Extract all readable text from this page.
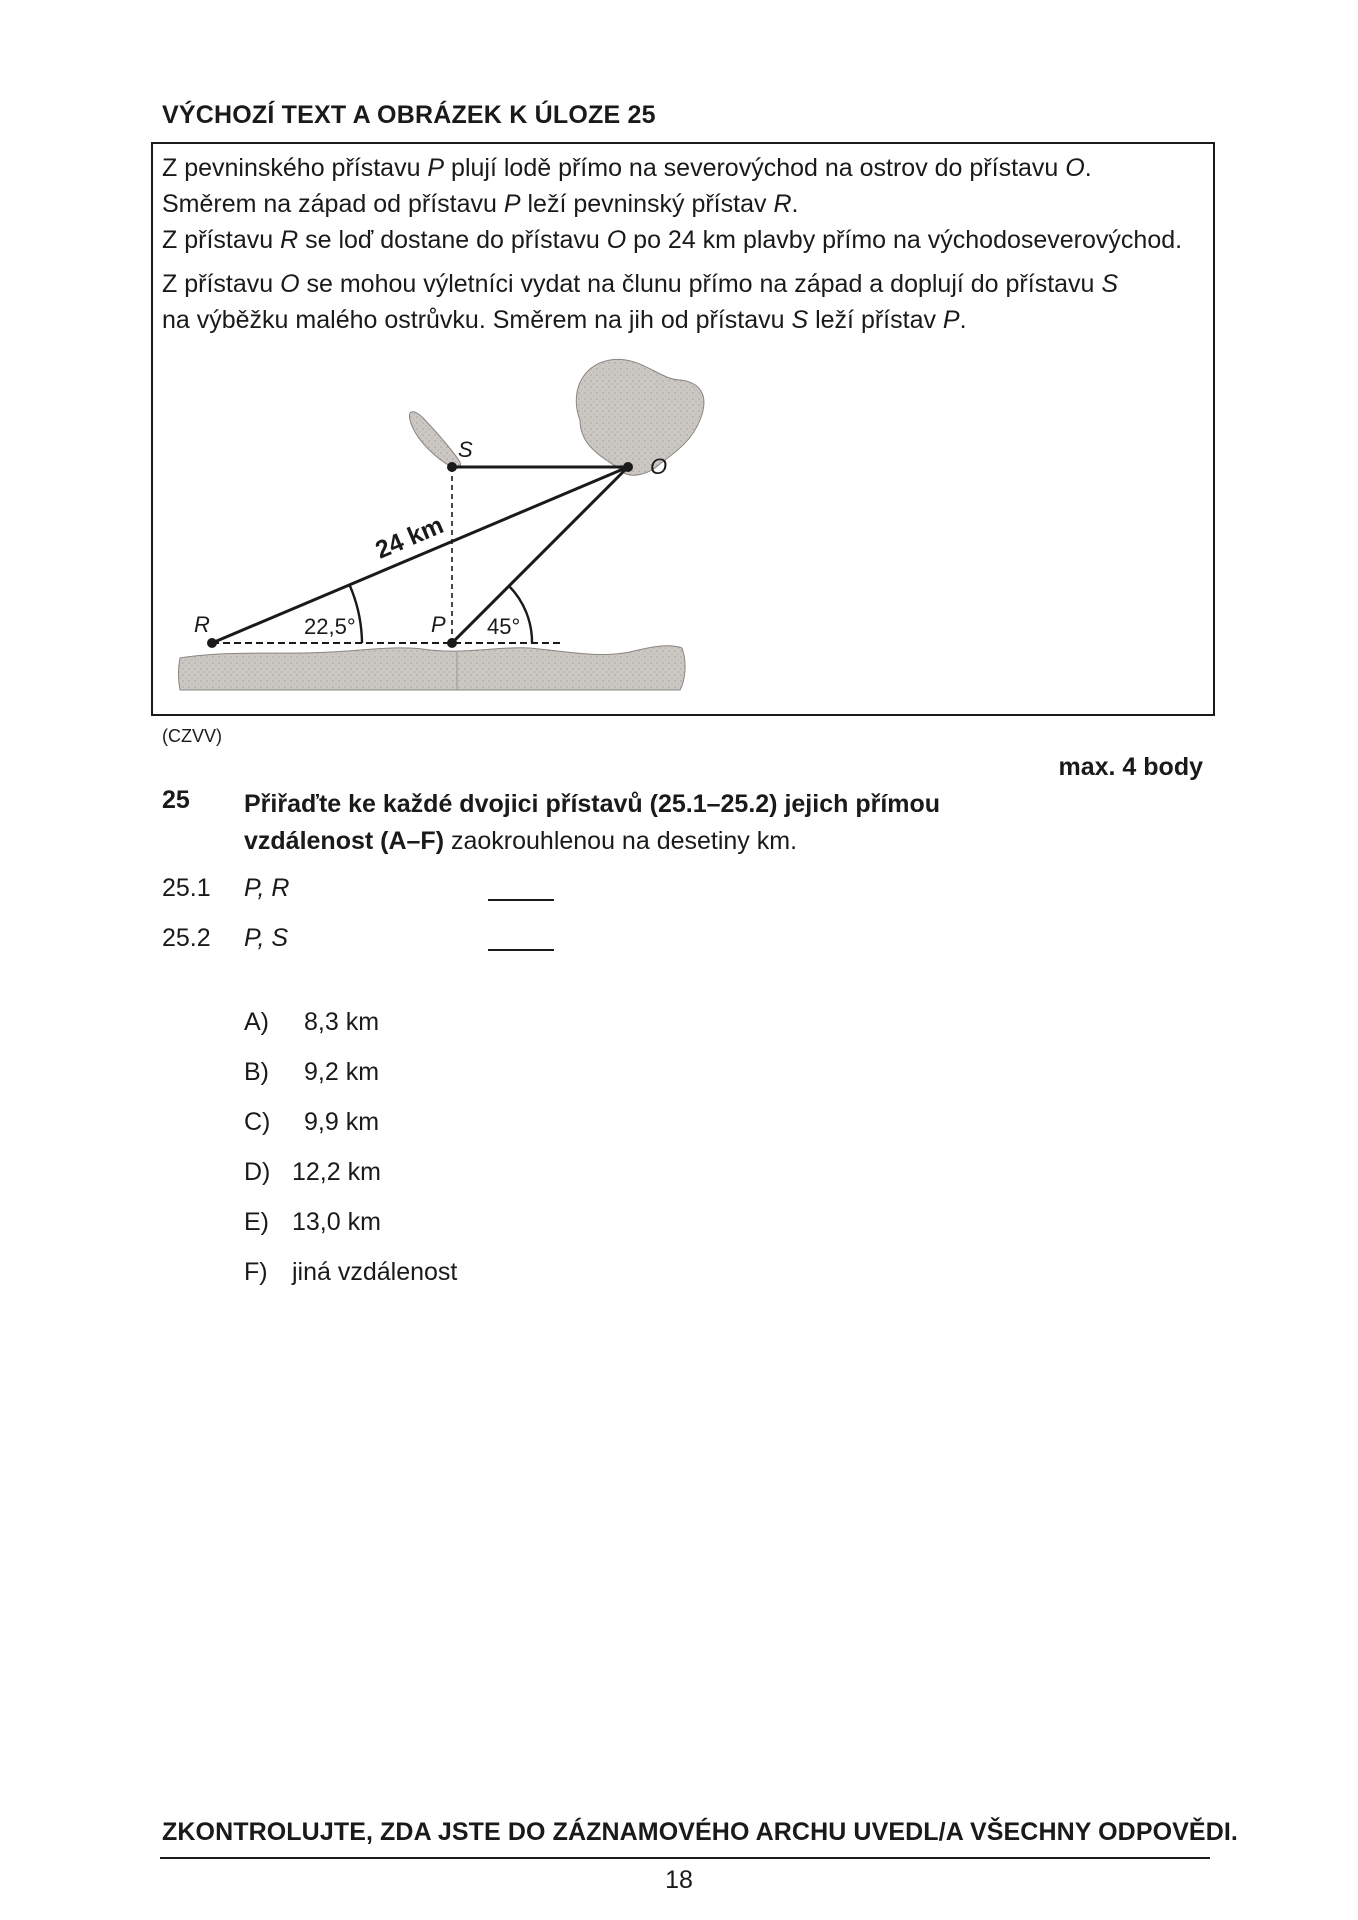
VÝCHOZÍ TEXT A OBRÁZEK K ÚLOZE 25
Z pevninského přístavu P plují lodě přímo na severovýchod na ostrov do přístavu O.
Směrem na západ od přístavu P leží pevninský přístav R.
Z přístavu R se loď dostane do přístavu O po 24 km plavby přímo na východoseverovýchod.
Z přístavu O se mohou výletníci vydat na člunu přímo na západ a doplují do přístavu S
na výběžku malého ostrůvku. Směrem na jih od přístavu S leží přístav P.
R	P
S
O
22,5°	45°
24 km
(CZVV)
max. 4 body
25 Přiřaďte ke každé dvojici přístavů (25.1–25.2) jejich přímou vzdálenost (A–F) zaokrouhlenou na desetiny km.
25.1 P, R
25.2 P, S
A) 8,3 km
B) 9,2 km
C) 9,9 km
D) 12,2 km
E) 13,0 km
F) jiná vzdálenost
ZKONTROLUJTE, ZDA JSTE DO ZÁZNAMOVÉHO ARCHU UVEDL/A VŠECHNY ODPOVĚDI.
18
